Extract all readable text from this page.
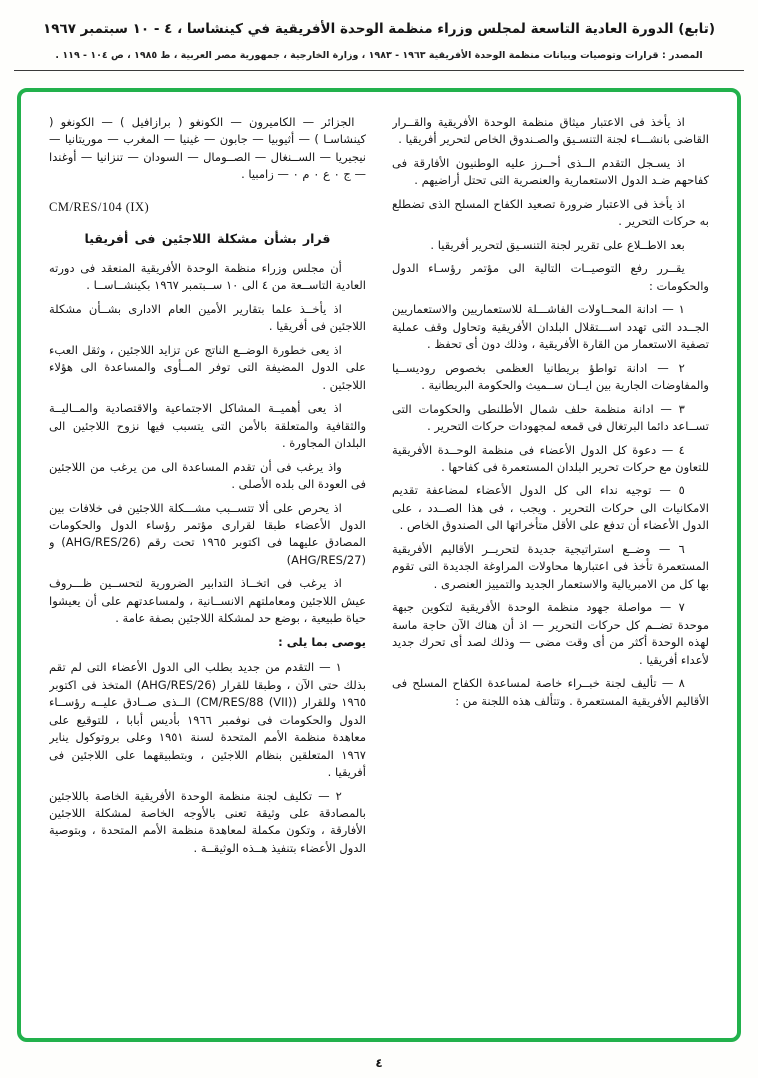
(تابع) الدورة العادية التاسعة لمجلس وزراء منظمة الوحدة الأفريقية في كينشاسا ، ٤ - ١٠ سبتمبر ١٩٦٧
المصدر : قرارات وتوصيات وبيانات منظمة الوحدة الأفريقية ١٩٦٣ - ١٩٨٣ ، وزارة الخارجية ، جمهورية مصر العربية ، ط ١٩٨٥ ، ص ١٠٤ - ١١٩ .

اذ يأخذ فى الاعتبار ميثاق منظمة الوحدة الأفريقية والقــرار القاضى بانشـــاء لجنة التنسـيق والصـندوق الخاص لتحرير أفريقيا .

اذ يسـجل التقدم الــذى أحــرز عليه الوطنيون الأفارقة فى كفاحهم ضـد الدول الاستعمارية والعنصرية التى تحتل أراضيهم .

اذ يأخذ فى الاعتبار ضرورة تصعيد الكفاح المسلح الذى تضطلع به حركات التحرير .

بعد الاطــلاع على تقرير لجنة التنسـيق لتحرير أفريقيا .

يقــرر رفع التوصيــات التالية الى مؤتمر رؤسـاء الدول والحكومات :

١ — ادانة المحــاولات الفاشـــلة للاستعماريين والاستعماريين الجــدد التى تهدد اســـتقلال البلدان الأفريقية وتحاول وقف عملية تصفية الاستعمار من القارة الأفريقية ، وذلك دون أى تحفظ .

٢ — ادانة تواطؤ بريطانيا العظمى بخصوص روديســيا والمفاوضات الجارية بين ايــان ســميث والحكومة البريطانية .

٣ — ادانة منظمة حلف شمال الأطلنطى والحكومات التى تســاعد دائما البرتغال فى قمعه لمجهودات حركات التحرير .

٤ — دعوة كل الدول الأعضاء فى منظمة الوحــدة الأفريقية للتعاون مع حركات تحرير البلدان المستعمرة فى كفاحها .

٥ — توجيه نداء الى كل الدول الأعضاء لمضاعفة تقديم الامكانيات الى حركات التحرير . ويجب ، فى هذا الصــدد ، على الدول الأعضاء أن تدفع على الأقل متأخراتها الى الصندوق الخاص .

٦ — وضــع استراتيجية جديدة لتحريــر الأقاليم الأفريقية المستعمرة تأخذ فى اعتبارها محاولات المراوغة الجديدة التى تقوم بها كل من الامبريالية والاستعمار الجديد والتمييز العنصرى .

٧ — مواصلة جهود منظمة الوحدة الأفريقية لتكوين جبهة موحدة تضــم كل حركات التحرير — اذ أن هناك الآن حاجة ماسة لهذه الوحدة أكثر من أى وقت مضى — وذلك لصد أى تحرك جديد لأعداء أفريقيا .

٨ — تأليف لجنة خبــراء خاصة لمساعدة الكفاح المسلح فى الأقاليم الأفريقية المستعمرة . وتتألف هذه اللجنة من :

الجزائر — الكاميرون — الكونغو ( برازافيل ) — الكونغو ( كينشاسـا ) — أثيوبيا — جابون — غينيا — المغرب — موريتانيا — نيجيريا — الســنغال — الصــومال — السودان — تنزانيا — أوغندا — ج ٠ ع ٠ م ٠ — زامبيا .

CM/RES/104 (IX)
قرار بشأن مشكلة اللاجئين فى أفريقيا

أن مجلس وزراء منظمة الوحدة الأفريقية المنعقد فى دورته العادية التاســعة من ٤ الى ١٠ ســبتمبر ١٩٦٧ بكينشــاســا .

اذ يأخــذ علما بتقارير الأمين العام الادارى بشــأن مشكلة اللاجئين فى أفريقيا .

اذ يعى خطورة الوضــع الناتج عن تزايد اللاجئين ، وثقل العبء على الدول المضيفة التى توفر المــأوى والمساعدة الى هؤلاء اللاجئين .

اذ يعى أهميــة المشاكل الاجتماعية والاقتصادية والمــاليــة والثقافية والمتعلقة بالأمن التى يتسبب فيها نزوح اللاجئين الى البلدان المجاورة .

واذ يرغب فى أن تقدم المساعدة الى من يرغب من اللاجئين فى العودة الى بلده الأصلى .

اذ يحرص على ألا تتســبب مشـــكلة اللاجئين فى خلافات بين الدول الأعضاء طبقا لقرارى مؤتمر رؤساء الدول والحكومات المصادق عليهما فى اكتوبر ١٩٦٥ تحت رقم (AHG/RES/26) و (AHG/RES/27)

اذ يرغب فى اتخــاذ التدابير الضرورية لتحســين ظـــروف عيش اللاجئين ومعاملتهم الانســانية ، ولمساعدتهم على أن يعيشوا حياة طبيعية ، بوضع حد لمشكلة اللاجئين بصفة عامة .

يوصى بما يلى :

١ — التقدم من جديد بطلب الى الدول الأعضاء التى لم تقم بذلك حتى الآن ، وطبقا للقرار (AHG/RES/26) المتخذ فى اكتوبر ١٩٦٥ وللقرار (CM/RES/88 (VII)) الــذى صــادق عليــه رؤســاء الدول والحكومات فى نوفمبر ١٩٦٦ بأديس أبابا ، للتوقيع على معاهدة منظمة الأمم المتحدة لسنة ١٩٥١ وعلى بروتوكول يناير ١٩٦٧ المتعلقين بنظام اللاجئين ، وبتطبيقهما على اللاجئين فى أفريقيا .

٢ — تكليف لجنة منظمة الوحدة الأفريقية الخاصة باللاجئين بالمصادقة على وثيقة تعنى بالأوجه الخاصة لمشكلة اللاجئين الأفارقة ، وتكون مكملة لمعاهدة منظمة الأمم المتحدة ، وبتوصية الدول الأعضاء بتنفيذ هــذه الوثيقــة .

٤
